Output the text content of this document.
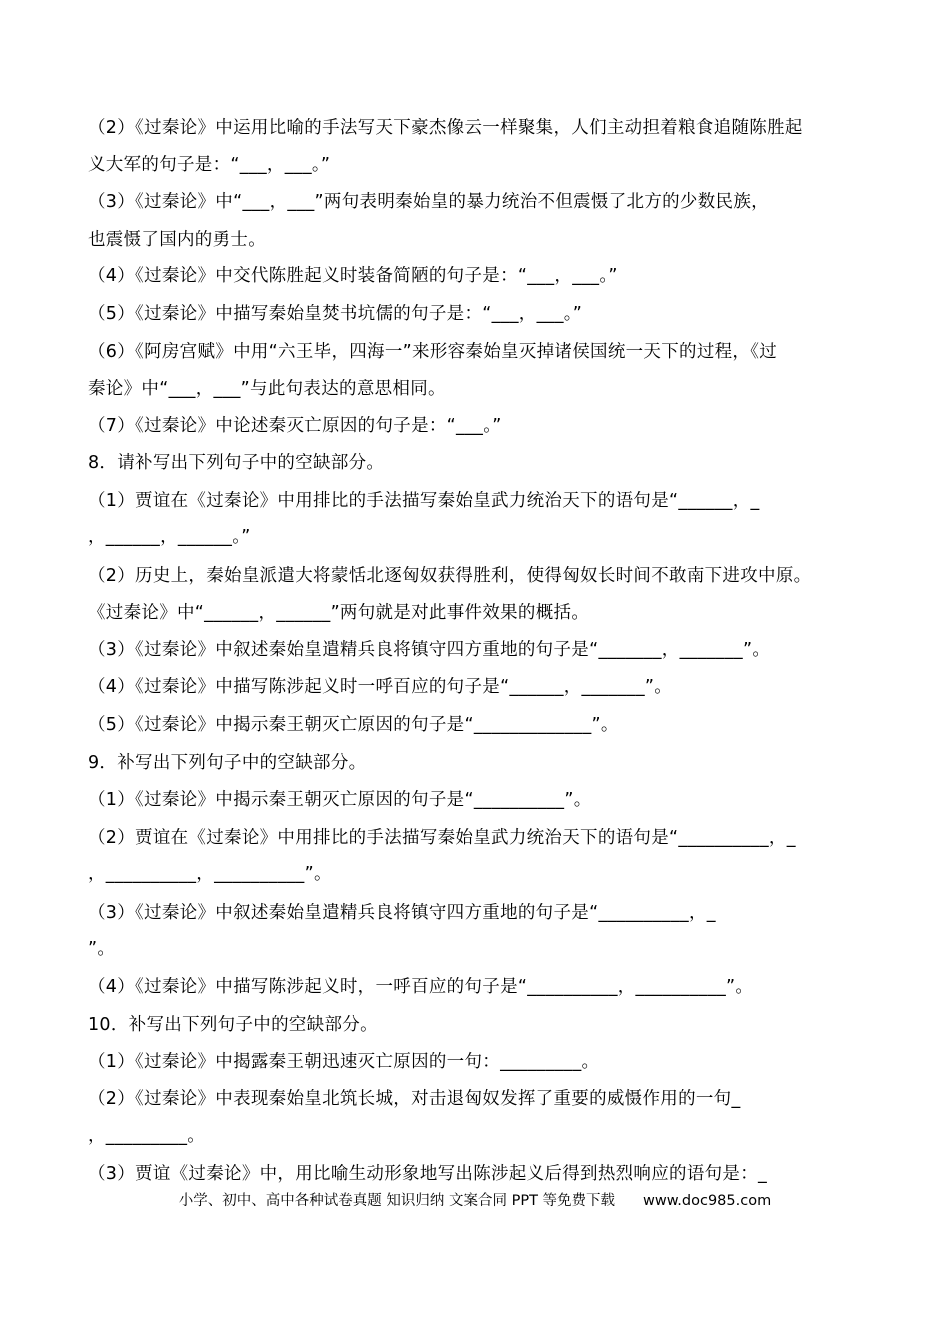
（2）《过秦论》中运用比喻的手法写天下豪杰像云一样聚集，人们主动担着粮食追随陈胜起
义大军的句子是：“___，___。”
（3）《过秦论》中“___，___”两句表明秦始皇的暴力统治不但震慑了北方的少数民族，
也震慑了国内的勇士。
（4）《过秦论》中交代陈胜起义时装备简陋的句子是：“___，___。”
（5）《过秦论》中描写秦始皇焚书坑儒的句子是：“___，___。”
（6）《阿房宫赋》中用“六王毕，四海一”来形容秦始皇灭掉诸侯国统一天下的过程，《过
秦论》中“___，___”与此句表达的意思相同。
（7）《过秦论》中论述秦灭亡原因的句子是：“___。”
8．请补写出下列句子中的空缺部分。
（1）贾谊在《过秦论》中用排比的手法描写秦始皇武力统治天下的语句是“______，_
，______，______。”
（2）历史上，秦始皇派遣大将蒙恬北逐匈奴获得胜利，使得匈奴长时间不敢南下进攻中原。
《过秦论》中“______，______”两句就是对此事件效果的概括。
（3）《过秦论》中叙述秦始皇遣精兵良将镇守四方重地的句子是“_______，_______”。
（4）《过秦论》中描写陈涉起义时一呼百应的句子是“______，_______”。
（5）《过秦论》中揭示秦王朝灭亡原因的句子是“_____________”。
9．补写出下列句子中的空缺部分。
（1）《过秦论》中揭示秦王朝灭亡原因的句子是“__________”。
（2）贾谊在《过秦论》中用排比的手法描写秦始皇武力统治天下的语句是“__________，_
，__________，__________”。
（3）《过秦论》中叙述秦始皇遣精兵良将镇守四方重地的句子是“__________，_
”。
（4）《过秦论》中描写陈涉起义时，一呼百应的句子是“__________，__________”。
10．补写出下列句子中的空缺部分。
（1）《过秦论》中揭露秦王朝迅速灭亡原因的一句：_________。
（2）《过秦论》中表现秦始皇北筑长城，对击退匈奴发挥了重要的威慑作用的一句_
，_________。
（3）贾谊《过秦论》中，用比喻生动形象地写出陈涉起义后得到热烈响应的语句是：_
小学、初中、高中各种试卷真题 知识归纳 文案合同 PPT 等免费下载 www.doc985.com
